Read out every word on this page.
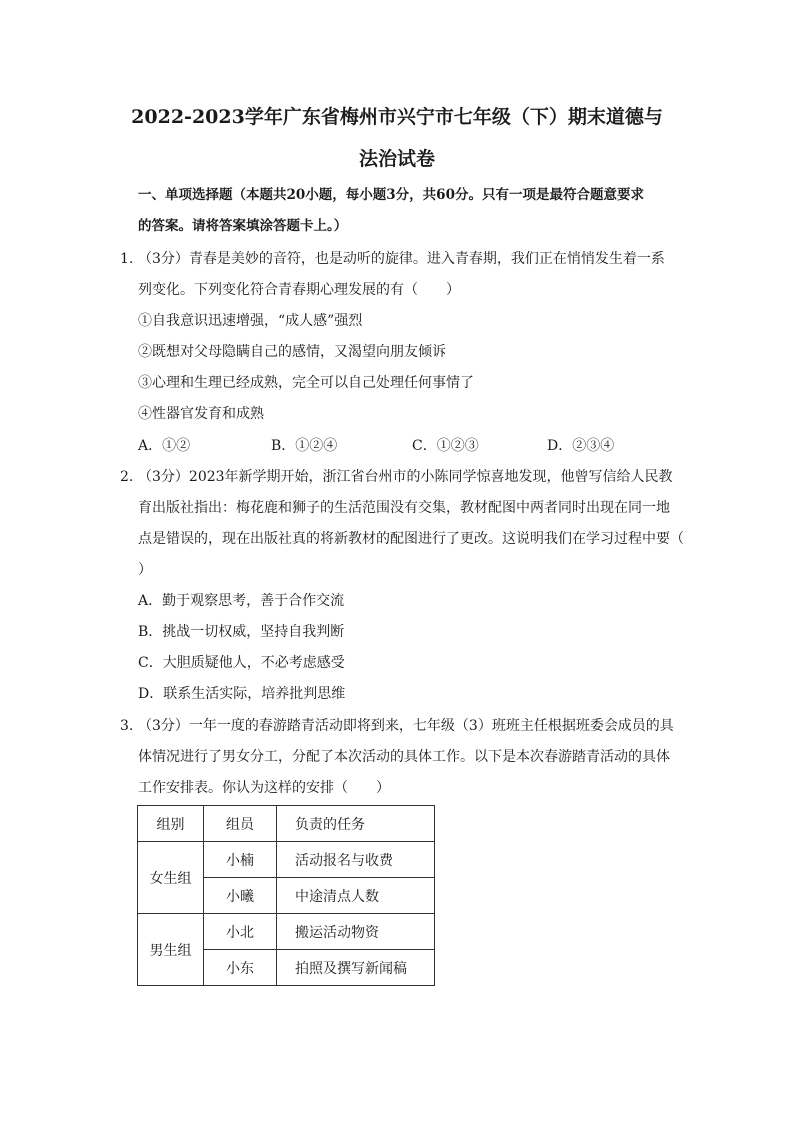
2022-2023学年广东省梅州市兴宁市七年级（下）期末道德与
法治试卷
一、单项选择题（本题共20小题，每小题3分，共60分。只有一项是最符合题意要求
的答案。请将答案填涂答题卡上。）
1. （3分）青春是美妙的音符，也是动听的旋律。进入青春期，我们正在悄悄发生着一系
列变化。下列变化符合青春期心理发展的有（　　）
①自我意识迅速增强，“成人感”强烈
②既想对父母隐瞒自己的感情，又渴望向朋友倾诉
③心理和生理已经成熟，完全可以自己处理任何事情了
④性器官发育和成熟
A．①②	B．①②④	C．①②③	D．②③④
2. （3分）2023年新学期开始，浙江省台州市的小陈同学惊喜地发现，他曾写信给人民教
育出版社指出：梅花鹿和狮子的生活范围没有交集，教材配图中两者同时出现在同一地
点是错误的，现在出版社真的将新教材的配图进行了更改。这说明我们在学习过程中要（
）
A．勤于观察思考，善于合作交流
B．挑战一切权威，坚持自我判断
C．大胆质疑他人，不必考虑感受
D．联系生活实际，培养批判思维
3. （3分）一年一度的春游踏青活动即将到来，七年级（3）班班主任根据班委会成员的具
体情况进行了男女分工，分配了本次活动的具体工作。以下是本次春游踏青活动的具体
工作安排表。你认为这样的安排（　　）
组别	组员	负责的任务
女生组	小楠	活动报名与收费
	小曦	中途清点人数
男生组	小北	搬运活动物资
	小东	拍照及撰写新闻稿
